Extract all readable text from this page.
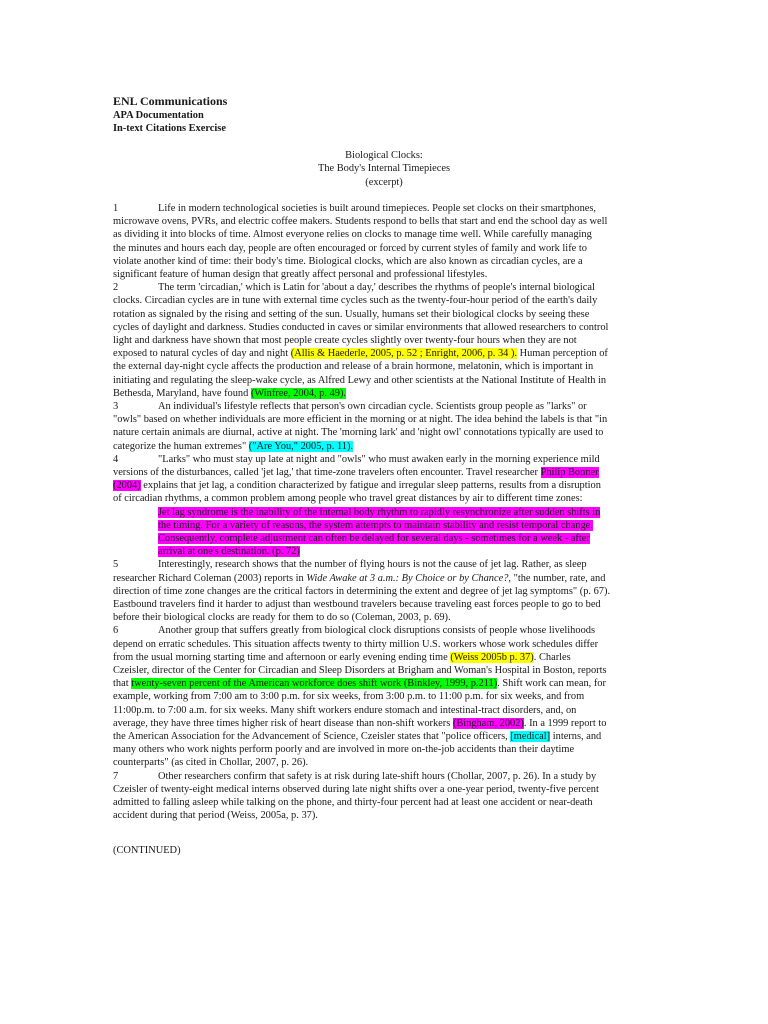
ENL Communications
APA Documentation
In-text Citations Exercise
Biological Clocks:
The Body's Internal Timepieces
(excerpt)
1	Life in modern technological societies is built around timepieces. People set clocks on their smartphones,
microwave ovens, PVRs, and electric coffee makers. Students respond to bells that start and end the school day as well
as dividing it into blocks of time. Almost everyone relies on clocks to manage time well. While carefully managing
the minutes and hours each day, people are often encouraged or forced by current styles of family and work life to
violate another kind of time: their body's time. Biological clocks, which are also known as circadian cycles, are a
significant feature of human design that greatly affect personal and professional lifestyles.
2	The term 'circadian,' which is Latin for 'about a day,' describes the rhythms of people's internal biological
clocks. Circadian cycles are in tune with external time cycles such as the twenty-four-hour period of the earth's daily
rotation as signaled by the rising and setting of the sun. Usually, humans set their biological clocks by seeing these
cycles of daylight and darkness. Studies conducted in caves or similar environments that allowed researchers to control
light and darkness have shown that most people create cycles slightly over twenty-four hours when they are not
exposed to natural cycles of day and night (Allis & Haederle, 2005, p. 52 ; Enright, 2006, p. 34 ). Human perception of
the external day-night cycle affects the production and release of a brain hormone, melatonin, which is important in
initiating and regulating the sleep-wake cycle, as Alfred Lewy and other scientists at the National Institute of Health in
Bethesda, Maryland, have found (Winfree, 2004, p. 49).
3	An individual's lifestyle reflects that person's own circadian cycle. Scientists group people as "larks" or
"owls" based on whether individuals are more efficient in the morning or at night. The idea behind the labels is that "in
nature certain animals are diurnal, active at night. The 'morning lark' and 'night owl' connotations typically are used to
categorize the human extremes" ("Are You," 2005, p. 11).
4	"Larks" who must stay up late at night and "owls" who must awaken early in the morning experience mild
versions of the disturbances, called 'jet lag,' that time-zone travelers often encounter. Travel researcher Philip Bonner
(2004) explains that jet lag, a condition characterized by fatigue and irregular sleep patterns, results from a disruption
of circadian rhythms, a common problem among people who travel great distances by air to different time zones:
Jet lag syndrome is the inability of the internal body rhythm to rapidly resynchronize after sudden shifts in
the timing. For a variety of reasons, the system attempts to maintain stability and resist temporal change.
Consequently, complete adjustment can often be delayed for several days - sometimes for a week - after
arrival at one's destination. (p. 72)
5	Interestingly, research shows that the number of flying hours is not the cause of jet lag. Rather, as sleep
researcher Richard Coleman (2003) reports in Wide Awake at 3 a.m.: By Choice or by Chance?, "the number, rate, and
direction of time zone changes are the critical factors in determining the extent and degree of jet lag symptoms" (p. 67).
Eastbound travelers find it harder to adjust than westbound travelers because traveling east forces people to go to bed
before their biological clocks are ready for them to do so (Coleman, 2003, p. 69).
6	Another group that suffers greatly from biological clock disruptions consists of people whose livelihoods
depend on erratic schedules. This situation affects twenty to thirty million U.S. workers whose work schedules differ
from the usual morning starting time and afternoon or early evening ending time (Weiss 2005b p. 37). Charles
Czeisler, director of the Center for Circadian and Sleep Disorders at Brigham and Woman's Hospital in Boston, reports
that twenty-seven percent of the American workforce does shift work (Binkley, 1999, p.211). Shift work can mean, for
example, working from 7:00 am to 3:00 p.m. for six weeks, from 3:00 p.m. to 11:00 p.m. for six weeks, and from
11:00p.m. to 7:00 a.m. for six weeks. Many shift workers endure stomach and intestinal-tract disorders, and, on
average, they have three times higher risk of heart disease than non-shift workers (Bingham, 2002). In a 1999 report to
the American Association for the Advancement of Science, Czeisler states that "police officers, [medical] interns, and
many others who work nights perform poorly and are involved in more on-the-job accidents than their daytime
counterparts" (as cited in Chollar, 2007, p. 26).
7	Other researchers confirm that safety is at risk during late-shift hours (Chollar, 2007, p. 26). In a study by
Czeisler of twenty-eight medical interns observed during late night shifts over a one-year period, twenty-five percent
admitted to falling asleep while talking on the phone, and thirty-four percent had at least one accident or near-death
accident during that period (Weiss, 2005a, p. 37).
(CONTINUED)
